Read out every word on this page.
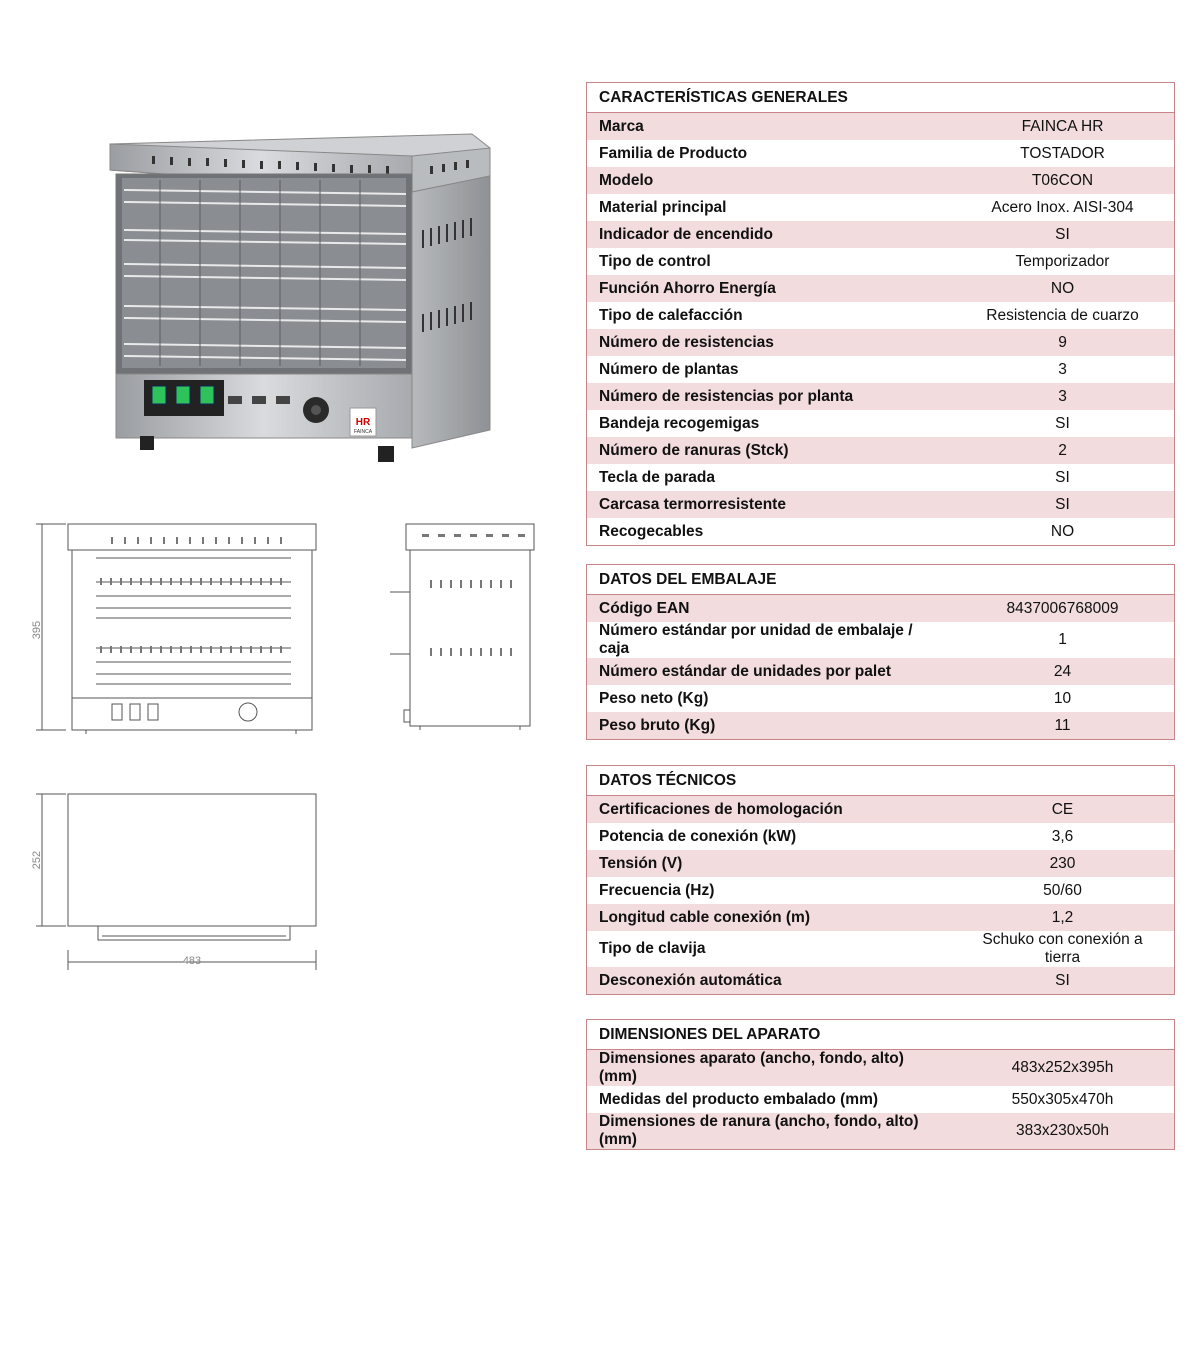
HR
FAINCA
395
252
483
CARACTERÍSTICAS GENERALES	
Marca	FAINCA HR
Familia de Producto	TOSTADOR
Modelo	T06CON
Material principal	Acero Inox. AISI-304
Indicador de encendido	SI
Tipo de control	Temporizador
Función Ahorro Energía	NO
Tipo de calefacción	Resistencia de cuarzo
Número de resistencias	9
Número de plantas	3
Número de resistencias por planta	3
Bandeja recogemigas	SI
Número de ranuras (Stck)	2
Tecla de parada	SI
Carcasa termorresistente	SI
Recogecables	NO
DATOS DEL EMBALAJE	
Código EAN	8437006768009
Número estándar por unidad de embalaje / caja	1
Número estándar de unidades por palet	24
Peso neto (Kg)	10
Peso bruto (Kg)	11
DATOS TÉCNICOS	
Certificaciones de homologación	CE
Potencia de conexión (kW)	3,6
Tensión (V)	230
Frecuencia (Hz)	50/60
Longitud cable conexión (m)	1,2
Tipo de clavija	Schuko con conexión a tierra
Desconexión automática	SI
DIMENSIONES DEL APARATO	
Dimensiones aparato (ancho, fondo, alto)(mm)	483x252x395h
Medidas del producto embalado (mm)	550x305x470h
Dimensiones de ranura (ancho, fondo, alto)(mm)	383x230x50h
